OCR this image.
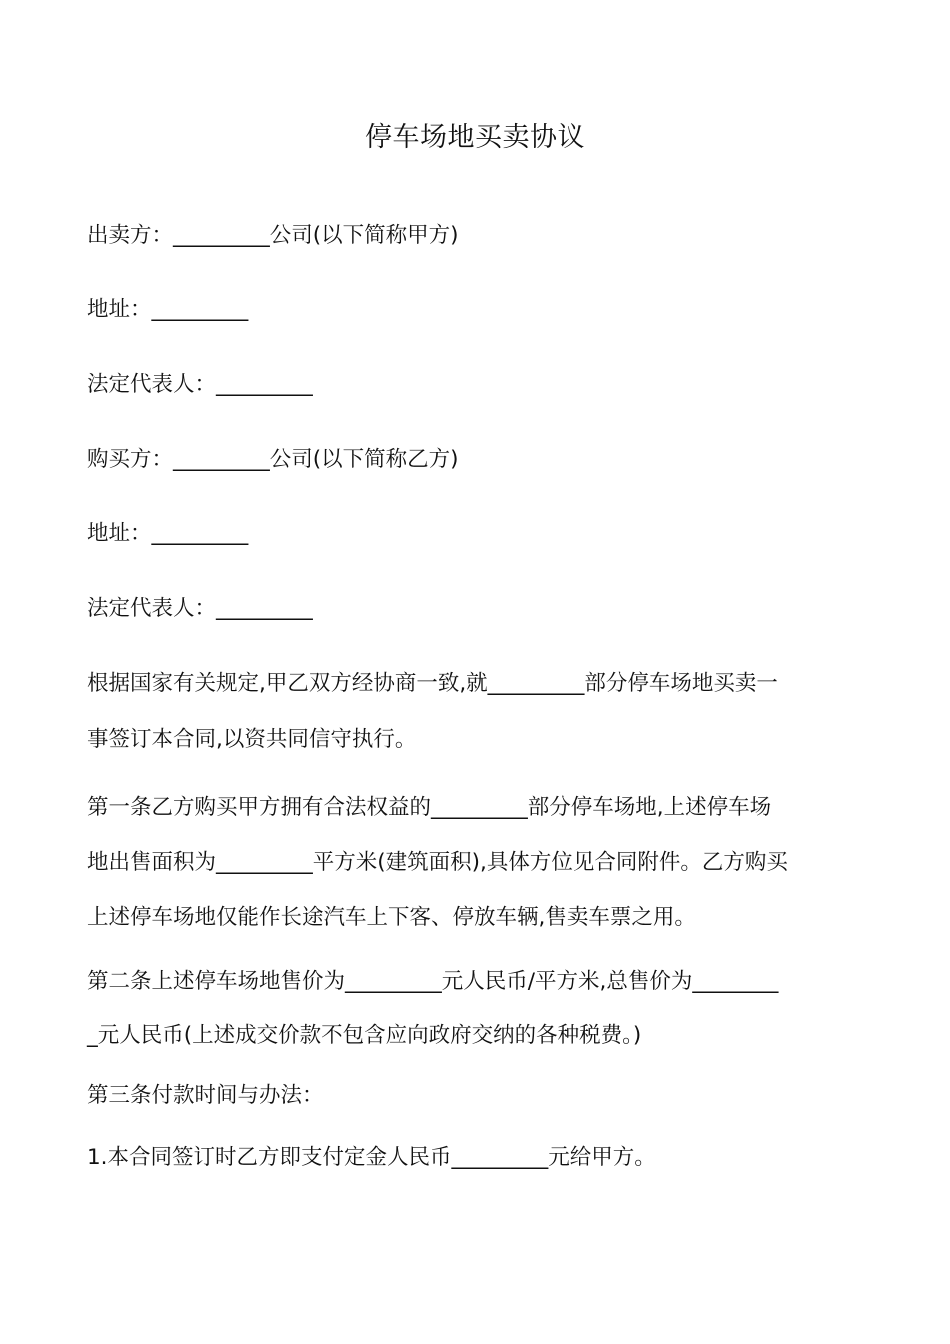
停车场地买卖协议
出卖方：_________公司(以下简称甲方)
地址：_________
法定代表人：_________
购买方：_________公司(以下简称乙方)
地址：_________
法定代表人：_________
根据国家有关规定,甲乙双方经协商一致,就_________部分停车场地买卖一
事签订本合同,以资共同信守执行。
第一条乙方购买甲方拥有合法权益的_________部分停车场地,上述停车场
地出售面积为_________平方米(建筑面积),具体方位见合同附件。乙方购买
上述停车场地仅能作长途汽车上下客、停放车辆,售卖车票之用。
第二条上述停车场地售价为_________元人民币/平方米,总售价为________
_元人民币(上述成交价款不包含应向政府交纳的各种税费。)
第三条付款时间与办法：
1.本合同签订时乙方即支付定金人民币_________元给甲方。
